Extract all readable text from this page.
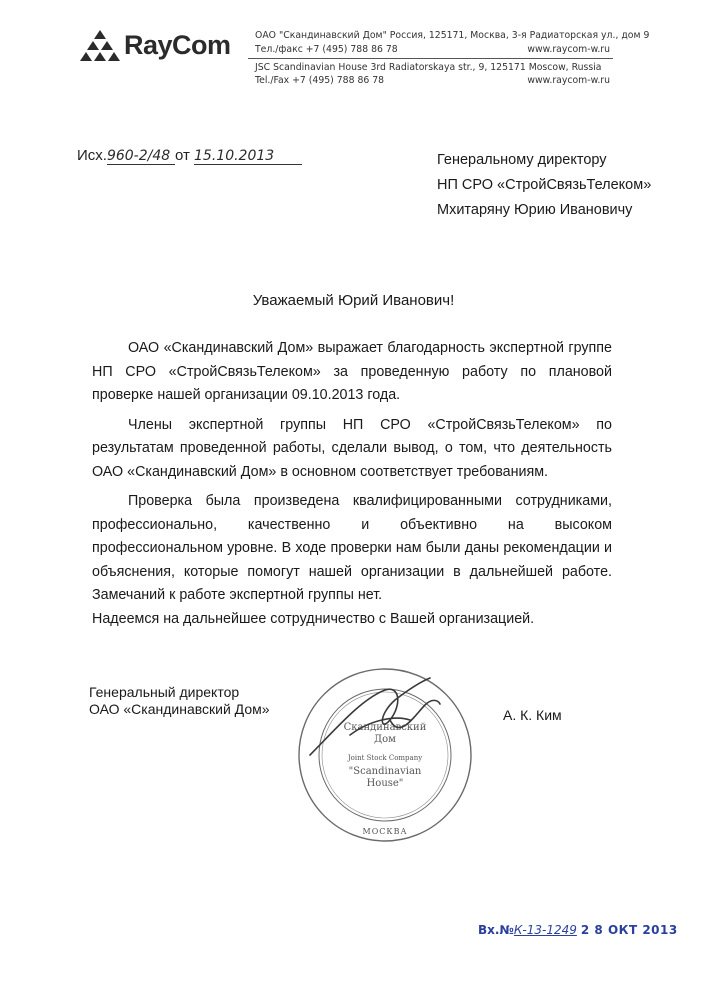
RayCom	ОАО "Скандинавский Дом" Россия, 125171, Москва, 3-я Радиаторская ул., дом 9
Тел./факс +7 (495) 788 86 78	www.raycom-w.ru
JSC Scandinavian House 3rd Radiatorskaya str., 9, 125171 Moscow, Russia
Tel./Fax +7 (495) 788 86 78	www.raycom-w.ru
Исх.960-2/48 от 15.10.2013	Генеральному директору
НП СРО «СтройСвязьТелеком»
Мхитаряну Юрию Ивановичу
Уважаемый Юрий Иванович!

ОАО «Скандинавский Дом» выражает благодарность экспертной группе НП СРО «СтройСвязьТелеком» за проведенную работу по плановой проверке нашей организации 09.10.2013 года.

Члены экспертной группы НП СРО «СтройСвязьТелеком» по результатам проведенной работы, сделали вывод, о том, что деятельность ОАО «Скандинавский Дом» в основном соответствует требованиям.

Проверка была произведена квалифицированными сотрудниками, профессионально, качественно и объективно на высоком профессиональном уровне. В ходе проверки нам были даны рекомендации и объяснения, которые помогут нашей организации в дальнейшей работе. Замечаний к работе экспертной группы нет.

Надеемся на дальнейшее сотрудничество с Вашей организацией.

Генеральный директор
ОАО «Скандинавский Дом»	А. К. Ким
Скандинавский
Дом
Joint Stock Company
"Scandinavian
House"
МОСКВА
Вх.№К-13-1249 2 8 ОКТ 2013
